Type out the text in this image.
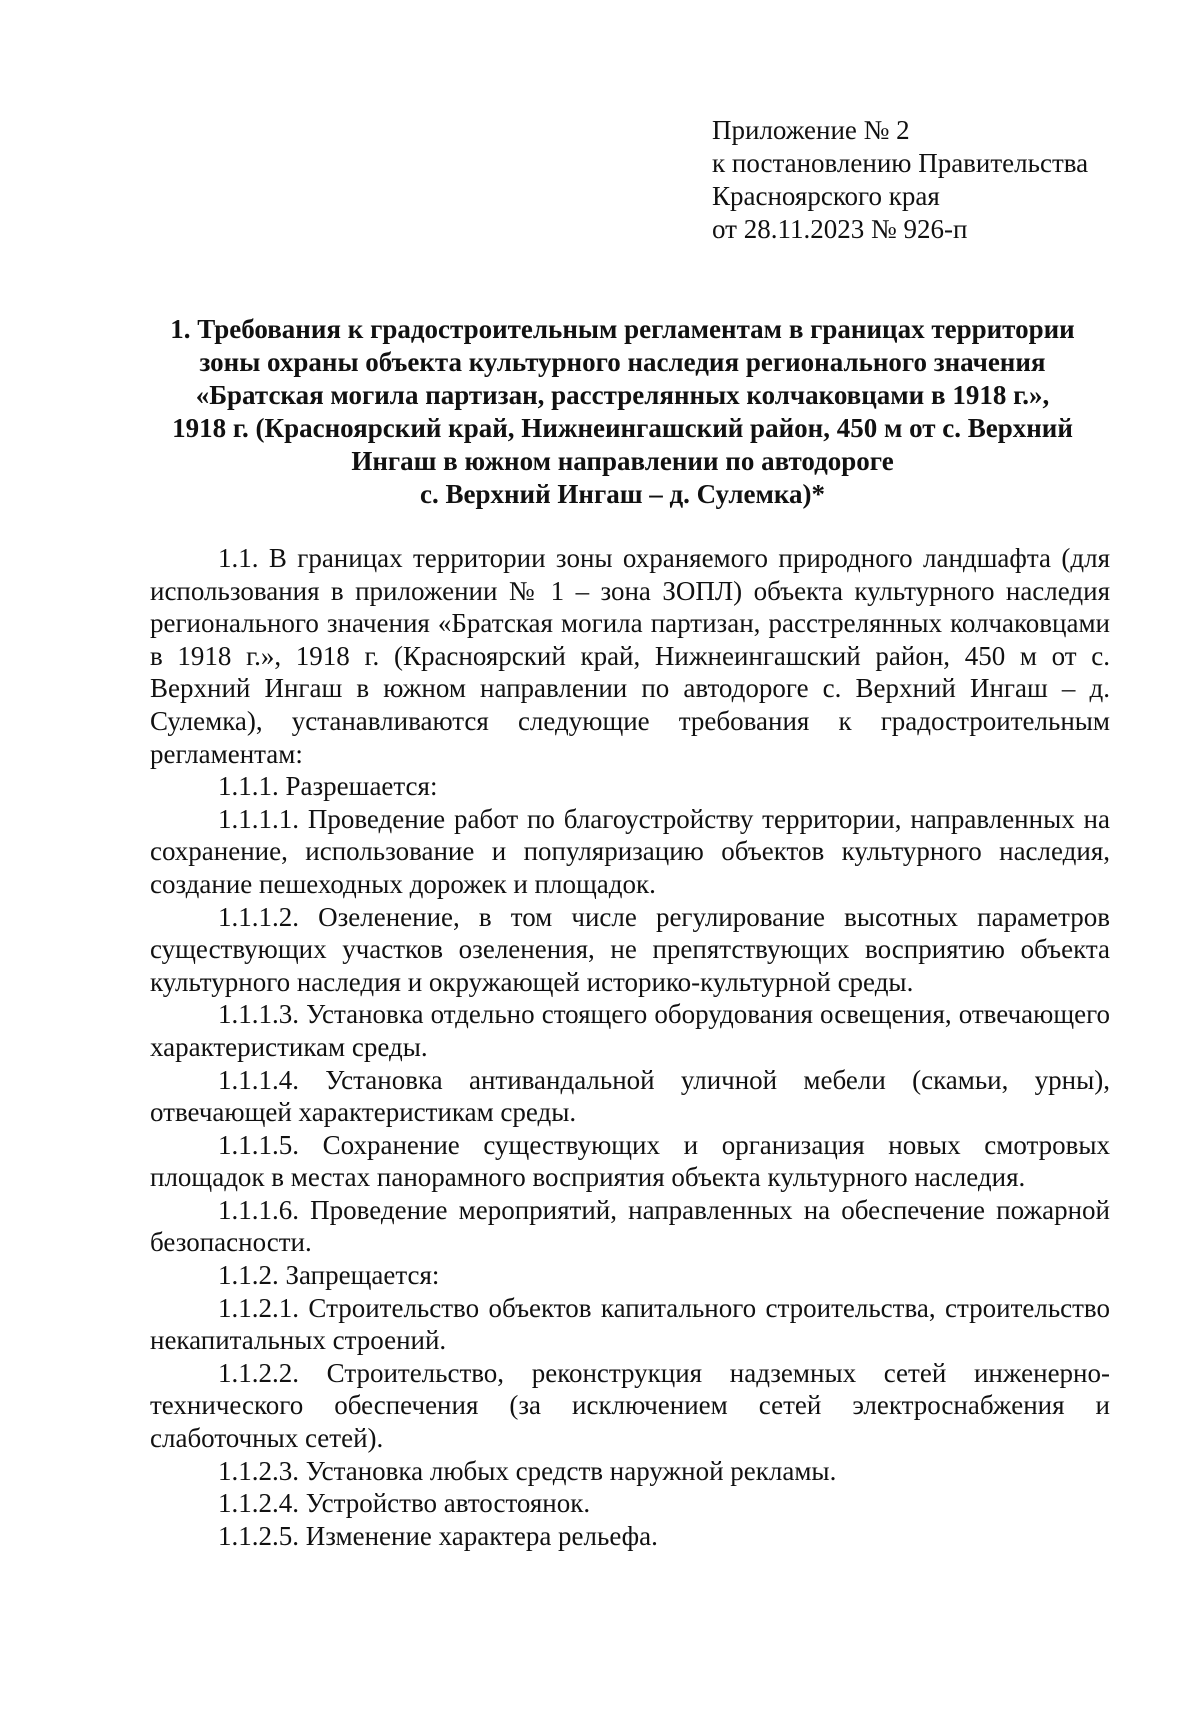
Приложение № 2
к постановлению Правительства
Красноярского края
от 28.11.2023 № 926-п
1. Требования к градостроительным регламентам в границах территории
зоны охраны объекта культурного наследия регионального значения
«Братская могила партизан, расстрелянных колчаковцами в 1918 г.»,
1918 г. (Красноярский край, Нижнеингашский район, 450 м от с. Верхний
Ингаш в южном направлении по автодороге
с. Верхний Ингаш – д. Сулемка)*

1.1. В границах территории зоны охраняемого природного ландшафта (для использования в приложении № 1 – зона ЗОПЛ) объекта культурного наследия регионального значения «Братская могила партизан, расстрелянных колчаковцами в 1918 г.», 1918 г. (Красноярский край, Нижнеингашский район, 450 м от с. Верхний Ингаш в южном направлении по автодороге с. Верхний Ингаш – д. Сулемка), устанавливаются следующие требования к градостроительным регламентам:

1.1.1. Разрешается:

1.1.1.1. Проведение работ по благоустройству территории, направленных на сохранение, использование и популяризацию объектов культурного наследия, создание пешеходных дорожек и площадок.

1.1.1.2. Озеленение, в том числе регулирование высотных параметров существующих участков озеленения, не препятствующих восприятию объекта культурного наследия и окружающей историко-культурной среды.

1.1.1.3. Установка отдельно стоящего оборудования освещения, отвечающего характеристикам среды.

1.1.1.4. Установка антивандальной уличной мебели (скамьи, урны), отвечающей характеристикам среды.

1.1.1.5. Сохранение существующих и организация новых смотровых площадок в местах панорамного восприятия объекта культурного наследия.

1.1.1.6. Проведение мероприятий, направленных на обеспечение пожарной безопасности.

1.1.2. Запрещается:

1.1.2.1. Строительство объектов капитального строительства, строительство некапитальных строений.

1.1.2.2. Строительство, реконструкция надземных сетей инженерно-технического обеспечения (за исключением сетей электроснабжения и слаботочных сетей).

1.1.2.3. Установка любых средств наружной рекламы.

1.1.2.4. Устройство автостоянок.

1.1.2.5. Изменение характера рельефа.
